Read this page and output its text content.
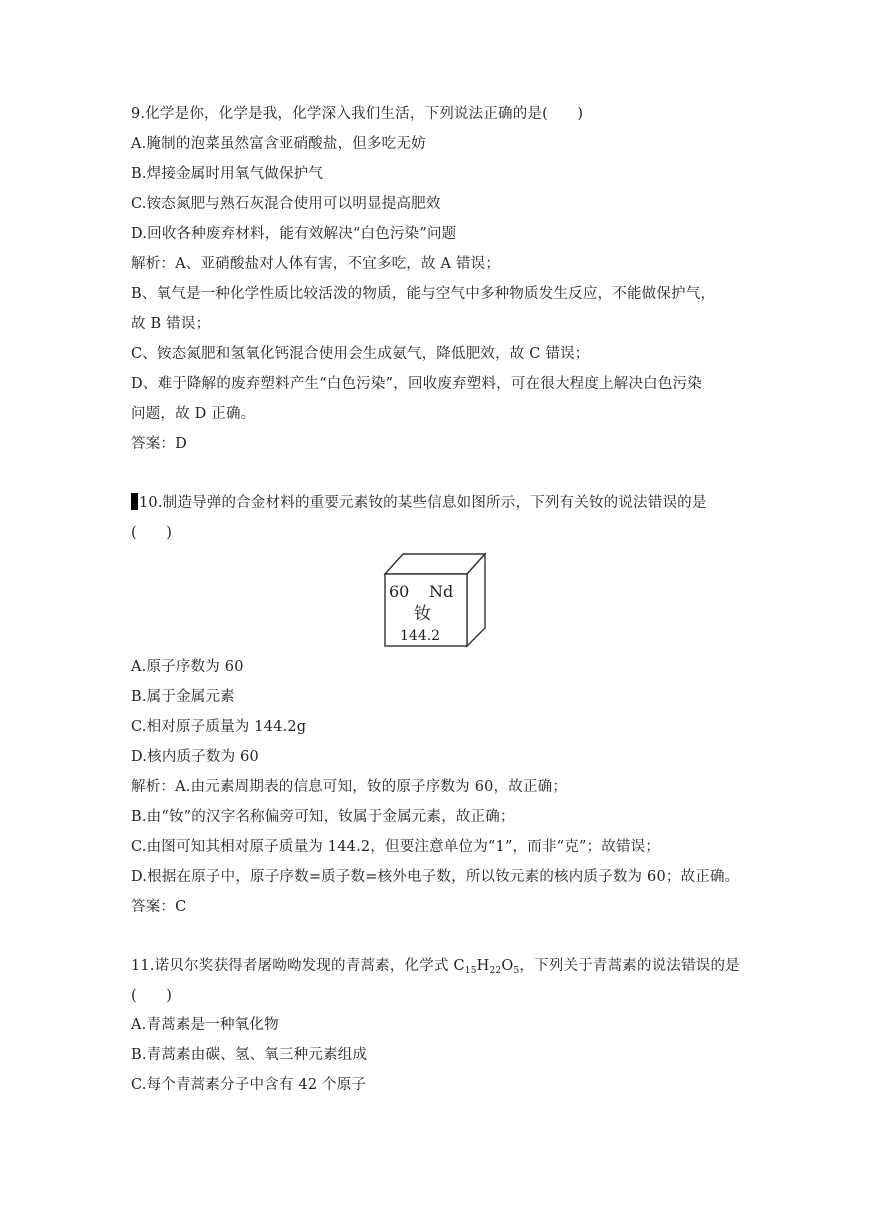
9.化学是你，化学是我，化学深入我们生活，下列说法正确的是(　　)

A.腌制的泡菜虽然富含亚硝酸盐，但多吃无妨

B.焊接金属时用氧气做保护气

C.铵态氮肥与熟石灰混合使用可以明显提高肥效

D.回收各种废弃材料，能有效解决“白色污染”问题

解析：A、亚硝酸盐对人体有害，不宜多吃，故 A 错误；

B、氧气是一种化学性质比较活泼的物质，能与空气中多种物质发生反应，不能做保护气，

故 B 错误；

C、铵态氮肥和氢氧化钙混合使用会生成氨气，降低肥效，故 C 错误；

D、难于降解的废弃塑料产生“白色污染”，回收废弃塑料，可在很大程度上解决白色污染

问题，故 D 正确。

答案：D

10.制造导弹的合金材料的重要元素钕的某些信息如图所示，下列有关钕的说法错误的是

(　　)

60 Nd
钕
144.2

A.原子序数为 60

B.属于金属元素

C.相对原子质量为 144.2g

D.核内质子数为 60

解析：A.由元素周期表的信息可知，钕的原子序数为 60，故正确；

B.由“钕”的汉字名称偏旁可知，钕属于金属元素，故正确；

C.由图可知其相对原子质量为 144.2，但要注意单位为“1”，而非“克”；故错误；

D.根据在原子中，原子序数=质子数=核外电子数，所以钕元素的核内质子数为 60；故正确。

答案：C

11.诺贝尔奖获得者屠呦呦发现的青蒿素，化学式 $C_{15}H_{22}O_5$，下列关于青蒿素的说法错误的是

(　　)

A.青蒿素是一种氧化物

B.青蒿素由碳、氢、氧三种元素组成

C.每个青蒿素分子中含有 42 个原子
